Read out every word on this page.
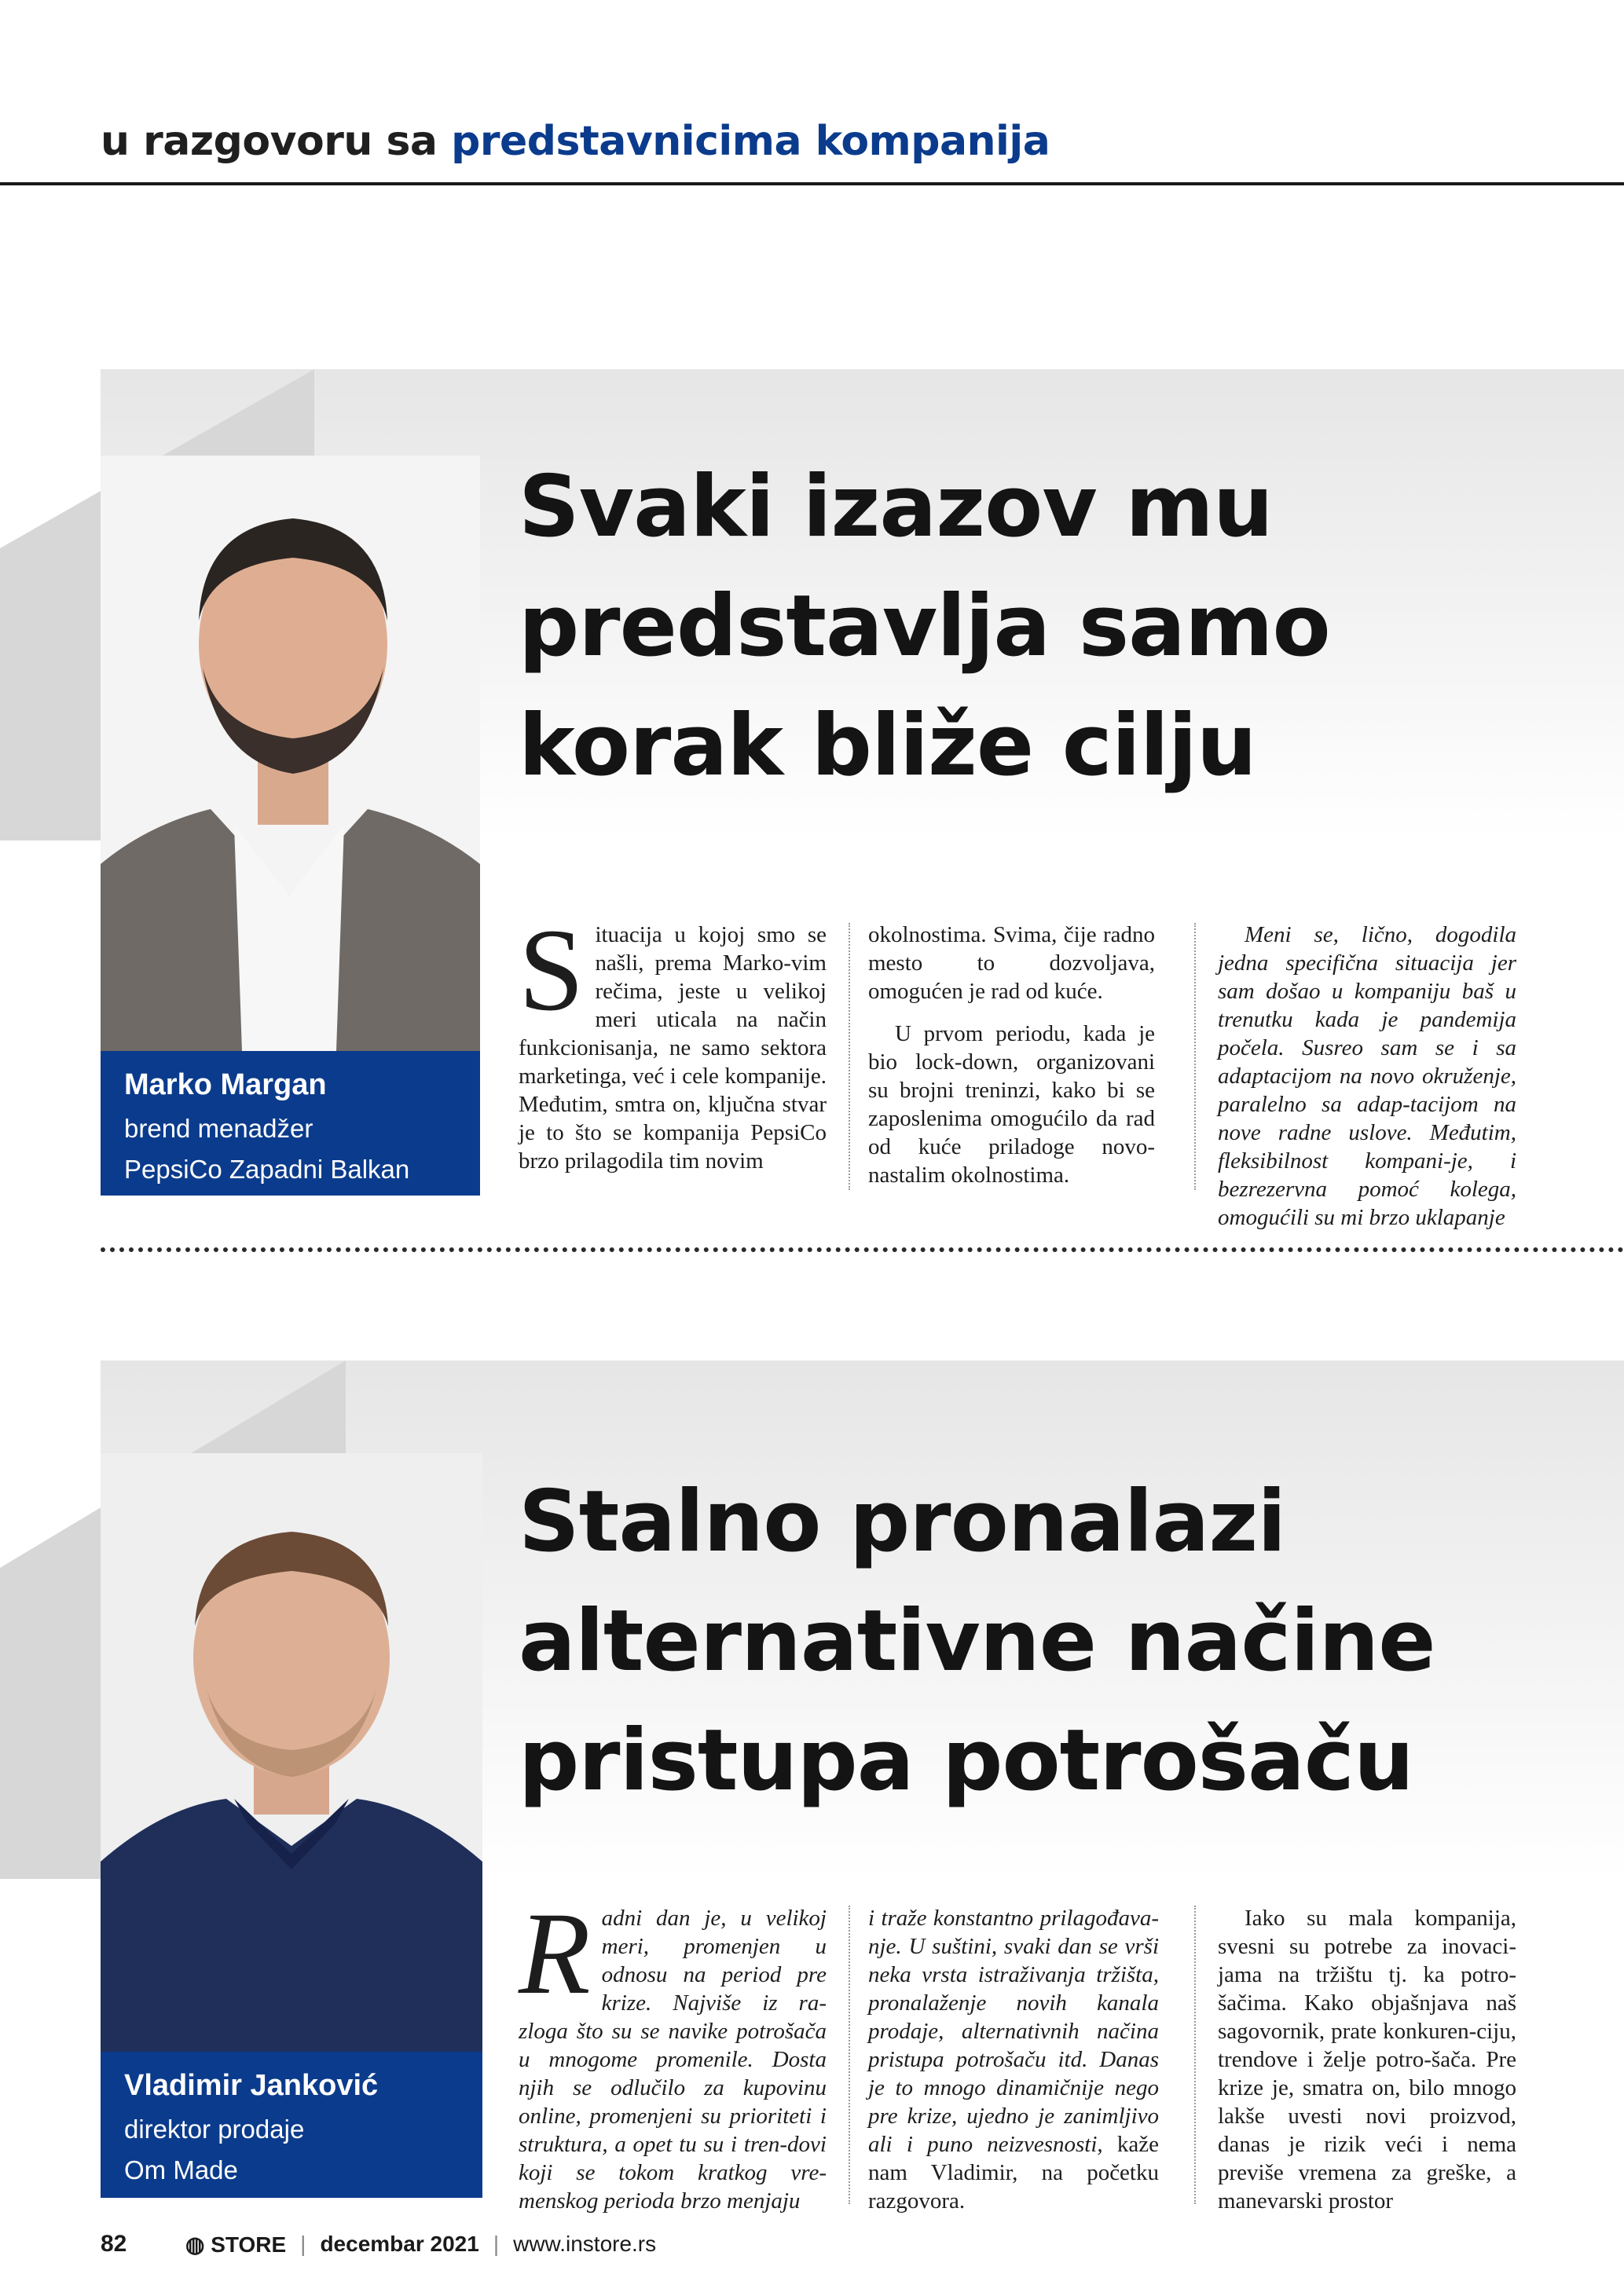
u razgovoru sa predstavnicima kompanija
Marko Margan
brend menadžer
PepsiCo Zapadni Balkan
Svaki izazov mu
predstavlja samo
korak bliže cilju

Situacija u kojoj smo se našli, prema Marko-vim rečima, jeste u velikoj meri uticala na način funkcionisanja, ne samo sektora marketinga, već i cele kompanije. Međutim, smtra on, ključna stvar je to što se kompanija PepsiCo brzo prilagodila tim novim

okolnostima. Svima, čije radno mesto to dozvoljava, omogućen je rad od kuće.

U prvom periodu, kada je bio lock-down, organizovani su brojni treninzi, kako bi se zaposlenima omogućilo da rad od kuće priladoge novo-nastalim okolnostima.

Meni se, lično, dogodila jedna specifična situacija jer sam došao u kompaniju baš u trenutku kada je pandemija počela. Susreo sam se i sa adaptacijom na novo okruženje, paralelno sa adap-tacijom na nove radne uslove. Međutim, fleksibilnost kompani-je, i bezrezervna pomoć kolega, omogućili su mi brzo uklapanje

Vladimir Janković
direktor prodaje
Om Made
Stalno pronalazi
alternativne načine
pristupa potrošaču

Radni dan je, u velikoj meri, promenjen u odnosu na period pre krize. Najviše iz ra-zloga što su se navike potrošača u mnogome promenile. Dosta njih se odlučilo za kupovinu online, promenjeni su prioriteti i struktura, a opet tu su i tren-dovi koji se tokom kratkog vre-menskog perioda brzo menjaju

i traže konstantno prilagođava-nje. U suštini, svaki dan se vrši neka vrsta istraživanja tržišta, pronalaženje novih kanala prodaje, alternativnih načina pristupa potrošaču itd. Danas je to mnogo dinamičnije nego pre krize, ujedno je zanimljivo ali i puno neizvesnosti, kaže nam Vladimir, na početku razgovora.

Iako su mala kompanija, svesni su potrebe za inovaci-jama na tržištu tj. ka potro-šačima. Kako objašnjava naš sagovornik, prate konkuren-ciju, trendove i želje potro-šača. Pre krize je, smatra on, bilo mnogo lakše uvesti novi proizvod, danas je rizik veći i nema previše vremena za greške, a manevarski prostor

82	◍ STORE | decembar 2021 | www.instore.rs
